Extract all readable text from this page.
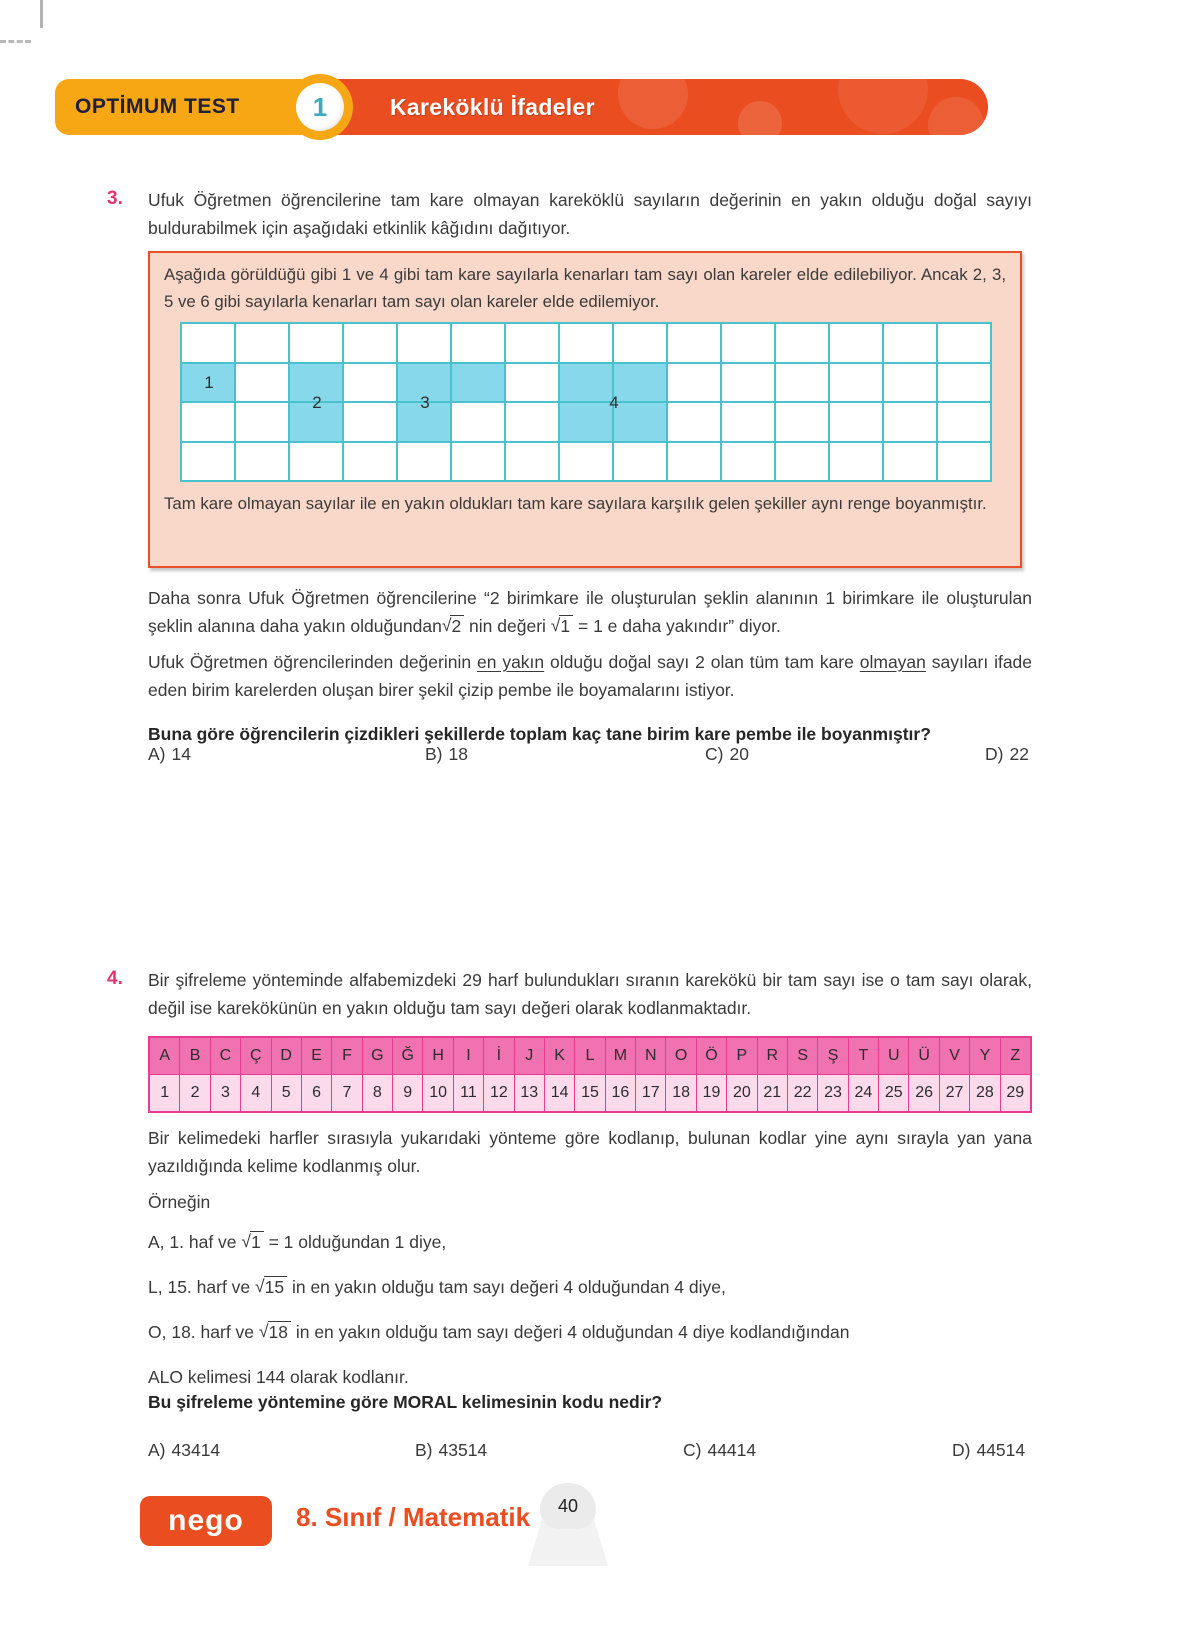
OPTİMUM TEST	1	Kareköklü İfadeler
3. Ufuk Öğretmen öğrencilerine tam kare olmayan kareköklü sayıların değerinin en yakın olduğu doğal sayıyı buldurabilmek için aşağıdaki etkinlik kâğıdını dağıtıyor.
Aşağıda görüldüğü gibi 1 ve 4 gibi tam kare sayılarla kenarları tam sayı olan kareler elde edilebiliyor. Ancak 2, 3, 5 ve 6 gibi sayılarla kenarları tam sayı olan kareler elde edilemiyor.
1
2	3	4
Tam kare olmayan sayılar ile en yakın oldukları tam kare sayılara karşılık gelen şekiller aynı renge boyanmıştır.
Daha sonra Ufuk Öğretmen öğrencilerine “2 birimkare ile oluşturulan şeklin alanının 1 birimkare ile oluşturulan şeklin alanına daha yakın olduğundan√2 nin değeri √1 = 1 e daha yakındır” diyor.
Ufuk Öğretmen öğrencilerinden değerinin en yakın olduğu doğal sayı 2 olan tüm tam kare olmayan sayıları ifade eden birim karelerden oluşan birer şekil çizip pembe ile boyamalarını istiyor.
Buna göre öğrencilerin çizdikleri şekillerde toplam kaç tane birim kare pembe ile boyanmıştır?
A) 14	B) 18	C) 20	D) 22
4. Bir şifreleme yönteminde alfabemizdeki 29 harf bulundukları sıranın karekökü bir tam sayı ise o tam sayı olarak, değil ise karekökünün en yakın olduğu tam sayı değeri olarak kodlanmaktadır.
A	B	C	Ç	D	E	F	G	Ğ	H	I	İ	J	K	L	M	N	O	Ö	P	R	S	Ş	T	U	Ü	V	Y	Z
1	2	3	4	5	6	7	8	9	10 11 12 13 14 15 16 17 18 19 20 21 22 23 24 25 26 27 28 29
Bir kelimedeki harfler sırasıyla yukarıdaki yönteme göre kodlanıp, bulunan kodlar yine aynı sırayla yan yana yazıldığında kelime kodlanmış olur.
Örneğin
A, 1. haf ve √1 = 1 olduğundan 1 diye,
L, 15. harf ve √15 in en yakın olduğu tam sayı değeri 4 olduğundan 4 diye,
O, 18. harf ve √18 in en yakın olduğu tam sayı değeri 4 olduğundan 4 diye kodlandığından
ALO kelimesi 144 olarak kodlanır.
Bu şifreleme yöntemine göre MORAL kelimesinin kodu nedir?
A) 43414	B) 43514	C) 44414	D) 44514
nego	8. Sınıf / Matematik 40
